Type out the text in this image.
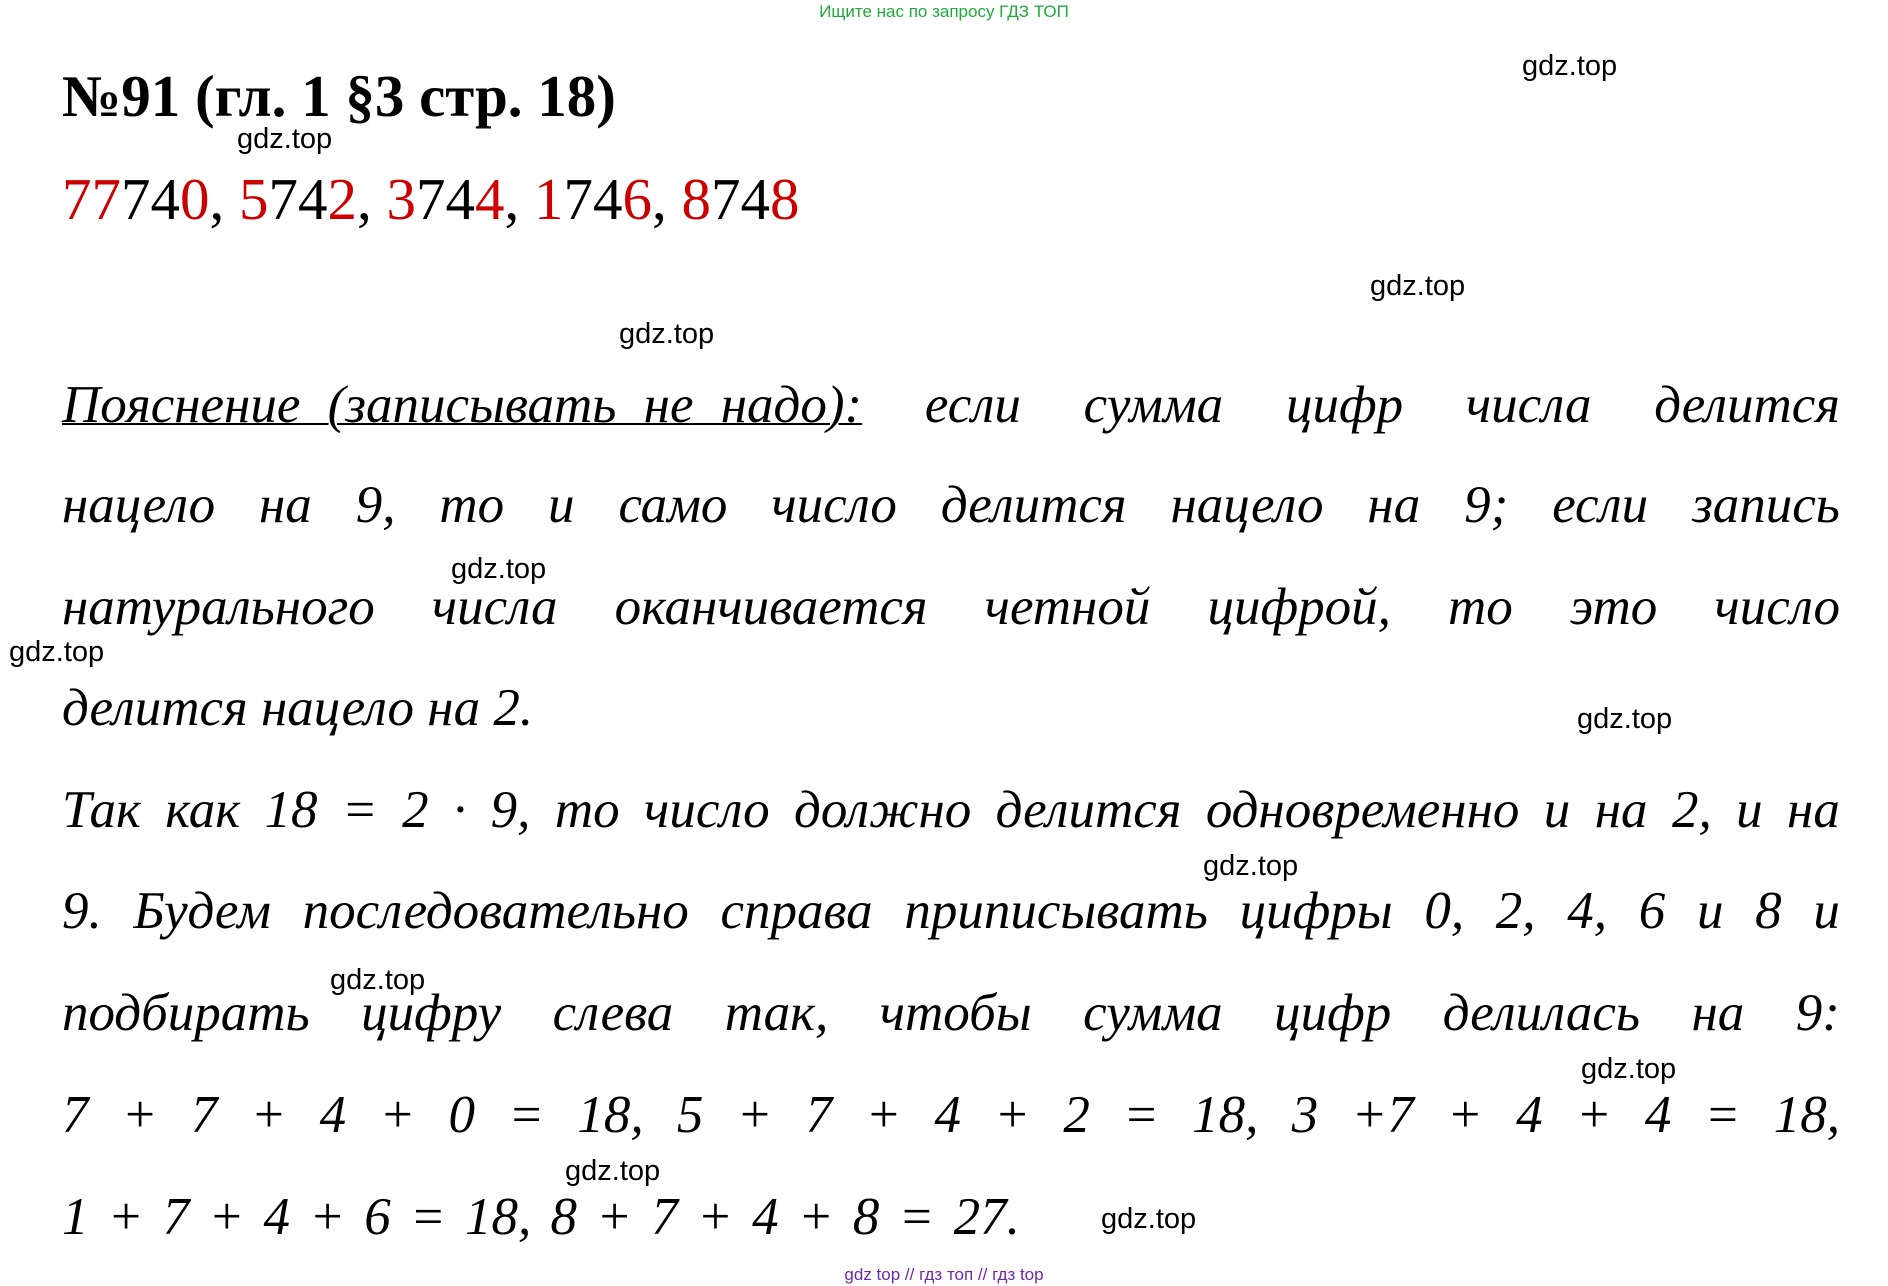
Ищите нас по запросу ГДЗ ТОП
№91 (гл. 1 §3 стр. 18)
77740, 5742, 3744, 1746, 8748
Пояснение (записывать не надо): если сумма цифр числа делится
нацело на 9, то и само число делится нацело на 9; если запись
натурального числа оканчивается четной цифрой, то это число
делится нацело на 2.
Так как 18 = 2 · 9, то число должно делится одновременно и на 2, и на
9. Будем последовательно справа приписывать цифры 0, 2, 4, 6 и 8 и
подбирать цифру слева так, чтобы сумма цифр делилась на 9:
7 + 7 + 4 + 0 = 18, 5 + 7 + 4 + 2 = 18, 3 +7 + 4 + 4 = 18,
1 + 7 + 4 + 6 = 18, 8 + 7 + 4 + 8 = 27.
gdz.top
gdz.top
gdz.top
gdz.top
gdz.top
gdz.top
gdz.top
gdz.top
gdz.top
gdz.top
gdz.top
gdz.top
gdz top // гдз топ // гдз top
